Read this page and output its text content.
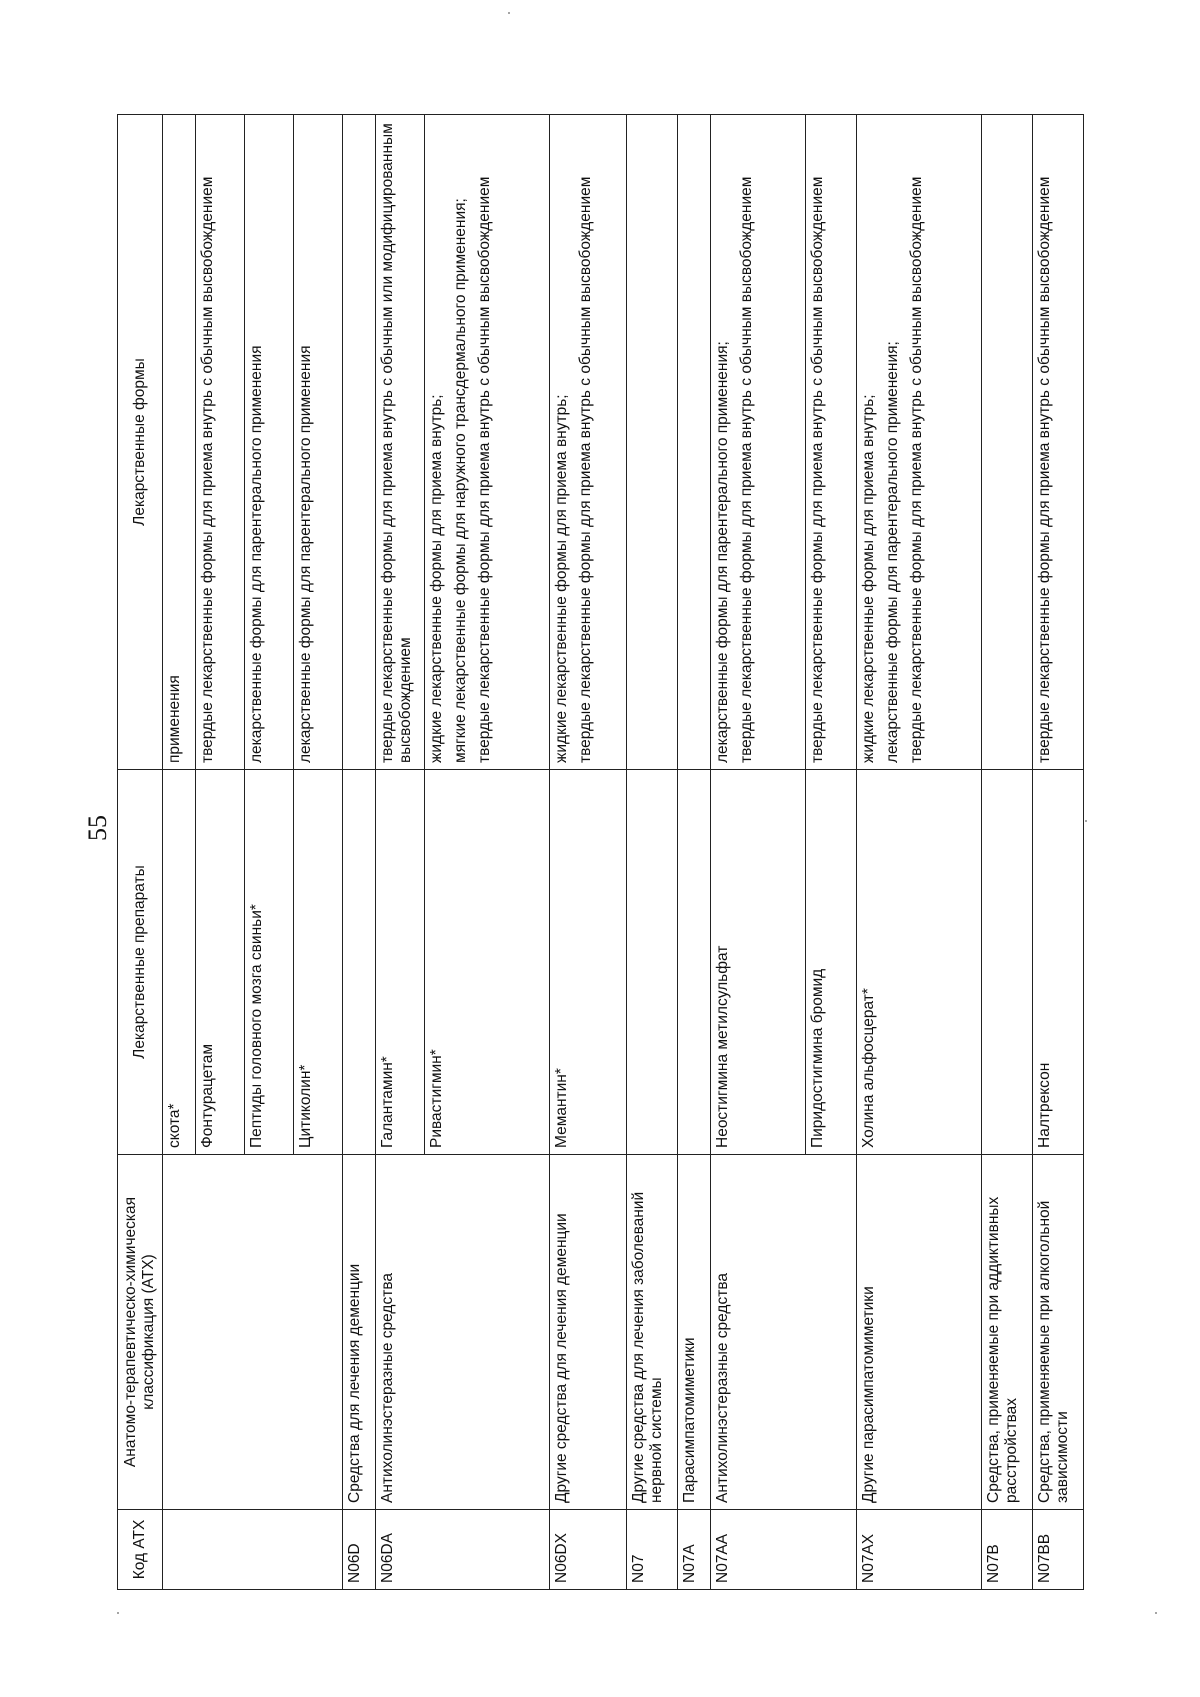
55
Код АТХ	Анатомо-терапевтическо-химическая классификация (АТХ)	Лекарственные препараты	Лекарственные формы
		скота*	применения

		Фонтурацетам	твердые лекарственные формы для приема внутрь с обычным высвобождением

		Пептиды головного мозга свиньи*	лекарственные формы для парентерального применения

		Цитиколин*	лекарственные формы для парентерального применения

N06D	Средства для лечения деменции		
N06DA	Антихолинэстеразные средства	Галантамин*	твердые лекарственные формы для приема внутрь с обычным или модифицированным высвобождением

		Ривастигмин*	жидкие лекарственные формы для приема внутрь; мягкие лекарственные формы для наружного трансдермального применения; твердые лекарственные формы для приема внутрь с обычным высвобождением

N06DX	Другие средства для лечения деменции	Мемантин*	жидкие лекарственные формы для приема внутрь; твердые лекарственные формы для приема внутрь с обычным высвобождением

N07	Другие средства для лечения заболеваний нервной системы		
N07A	Парасимпатомиметики		
N07AA	Антихолинэстеразные средства	Неостигмина метилсульфат	лекарственные формы для парентерального применения; твердые лекарственные формы для приема внутрь с обычным высвобождением

		Пиридостигмина бромид	твердые лекарственные формы для приема внутрь с обычным высвобождением

N07AX	Другие парасимпатомиметики	Холина альфосцерат*	жидкие лекарственные формы для приема внутрь; лекарственные формы для парентерального применения; твердые лекарственные формы для приема внутрь с обычным высвобождением

N07B	Средства, применяемые при аддиктивных расстройствах		
N07BB	Средства, применяемые при алкогольной зависимости	Налтрексон	твердые лекарственные формы для приема внутрь с обычным высвобождением
